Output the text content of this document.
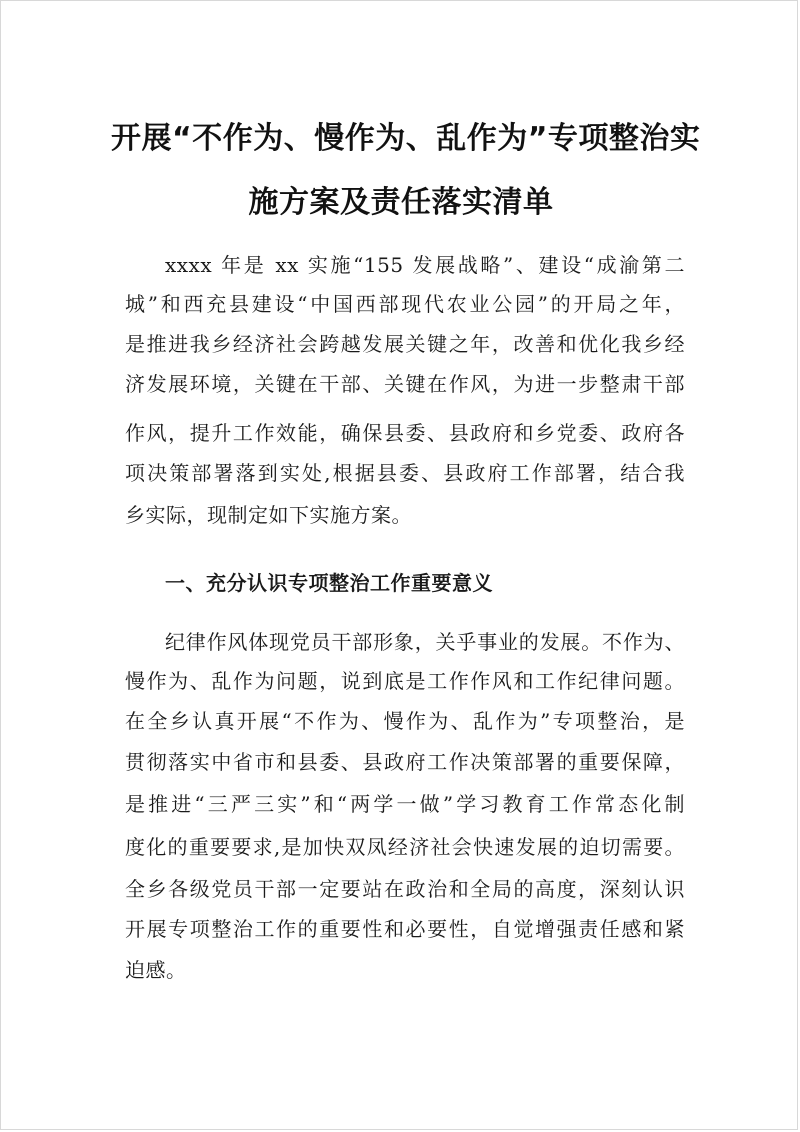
开展“不作为、慢作为、乱作为”专项整治实
施方案及责任落实清单
xxxx 年是 xx 实施“155 发展战略”、建设“成渝第二
城”和西充县建设“中国西部现代农业公园”的开局之年，
是推进我乡经济社会跨越发展关键之年，改善和优化我乡经
济发展环境，关键在干部、关键在作风，为进一步整肃干部
作风，提升工作效能，确保县委、县政府和乡党委、政府各
项决策部署落到实处,根据县委、县政府工作部署，结合我
乡实际，现制定如下实施方案。
一、充分认识专项整治工作重要意义
纪律作风体现党员干部形象，关乎事业的发展。不作为、
慢作为、乱作为问题，说到底是工作作风和工作纪律问题。
在全乡认真开展“不作为、慢作为、乱作为”专项整治，是
贯彻落实中省市和县委、县政府工作决策部署的重要保障，
是推进“三严三实”和“两学一做”学习教育工作常态化制
度化的重要要求,是加快双凤经济社会快速发展的迫切需要。
全乡各级党员干部一定要站在政治和全局的高度，深刻认识
开展专项整治工作的重要性和必要性，自觉增强责任感和紧
迫感。
